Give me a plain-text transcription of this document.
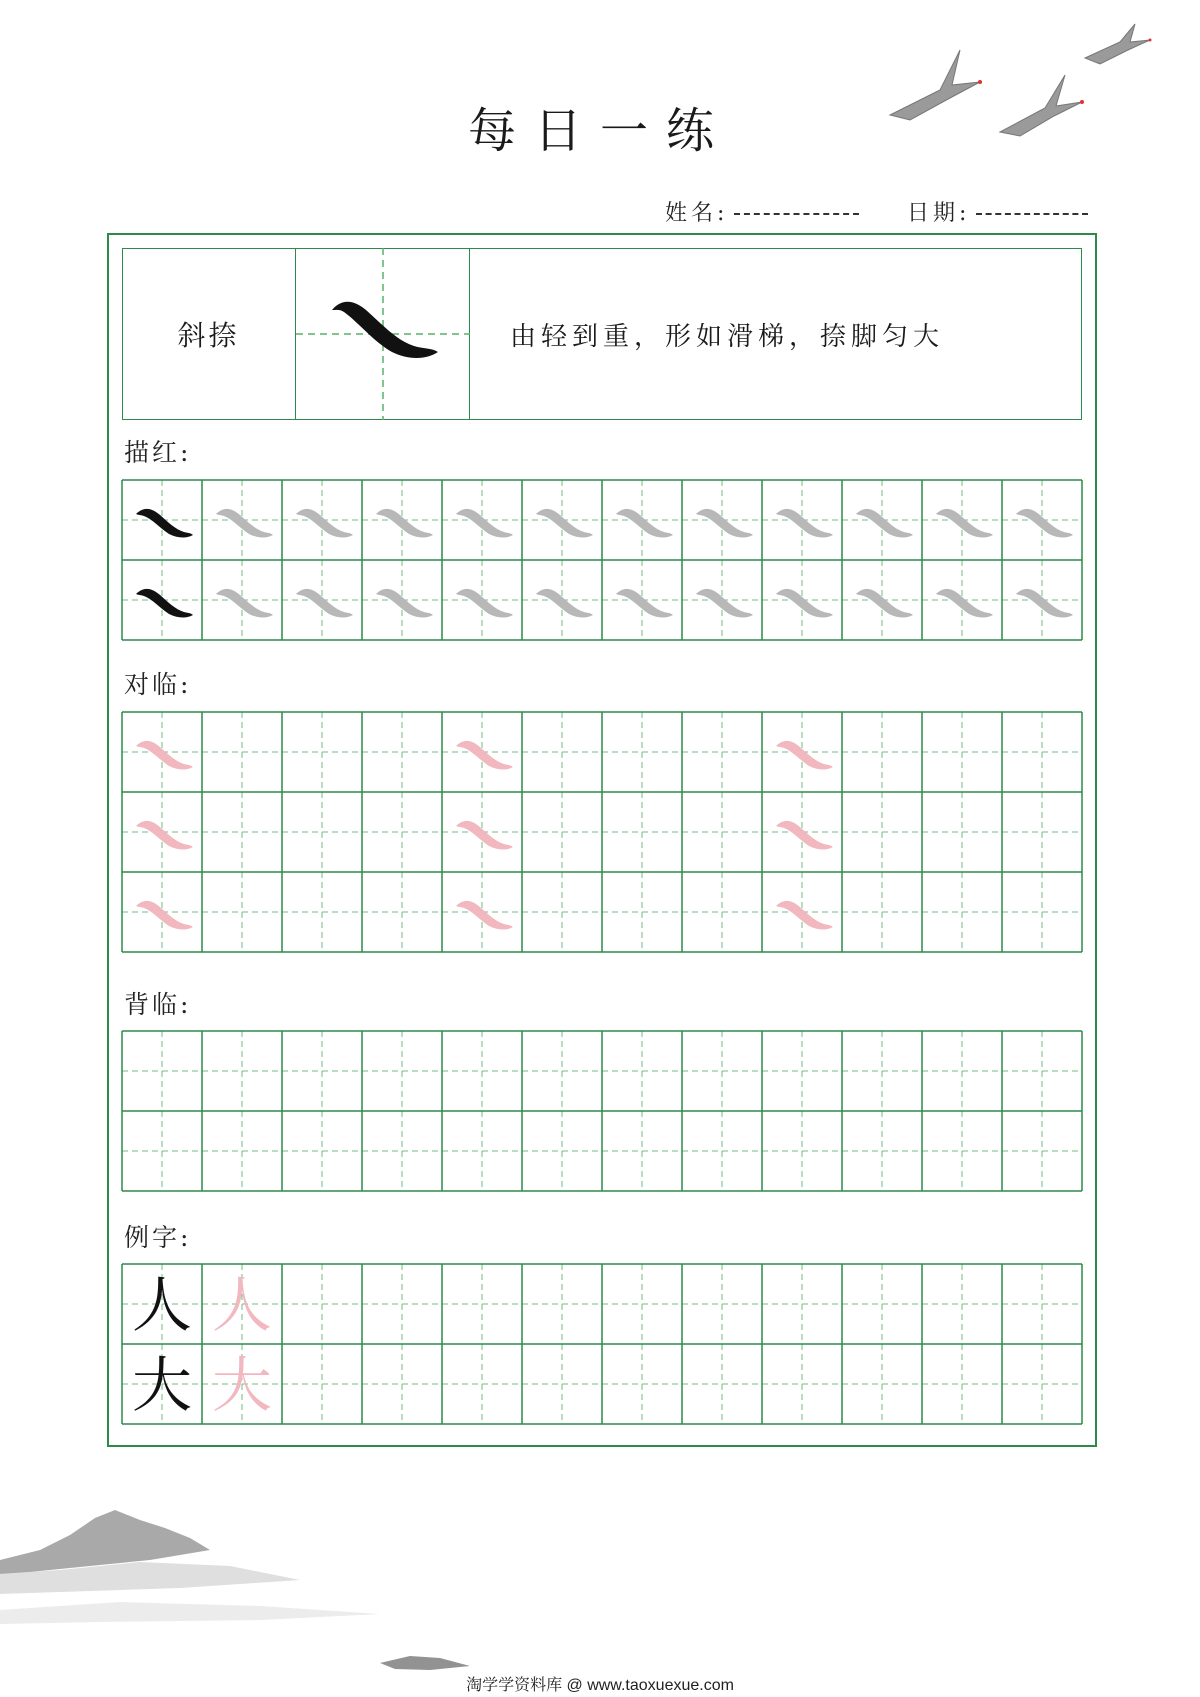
每日一练
姓名:	日期:
斜捺	由轻到重，形如滑梯，捺脚匀大
描红:
对临:
背临:
例字:
人 人
大 大
淘学学资料库 @ www.taoxuexue.com
